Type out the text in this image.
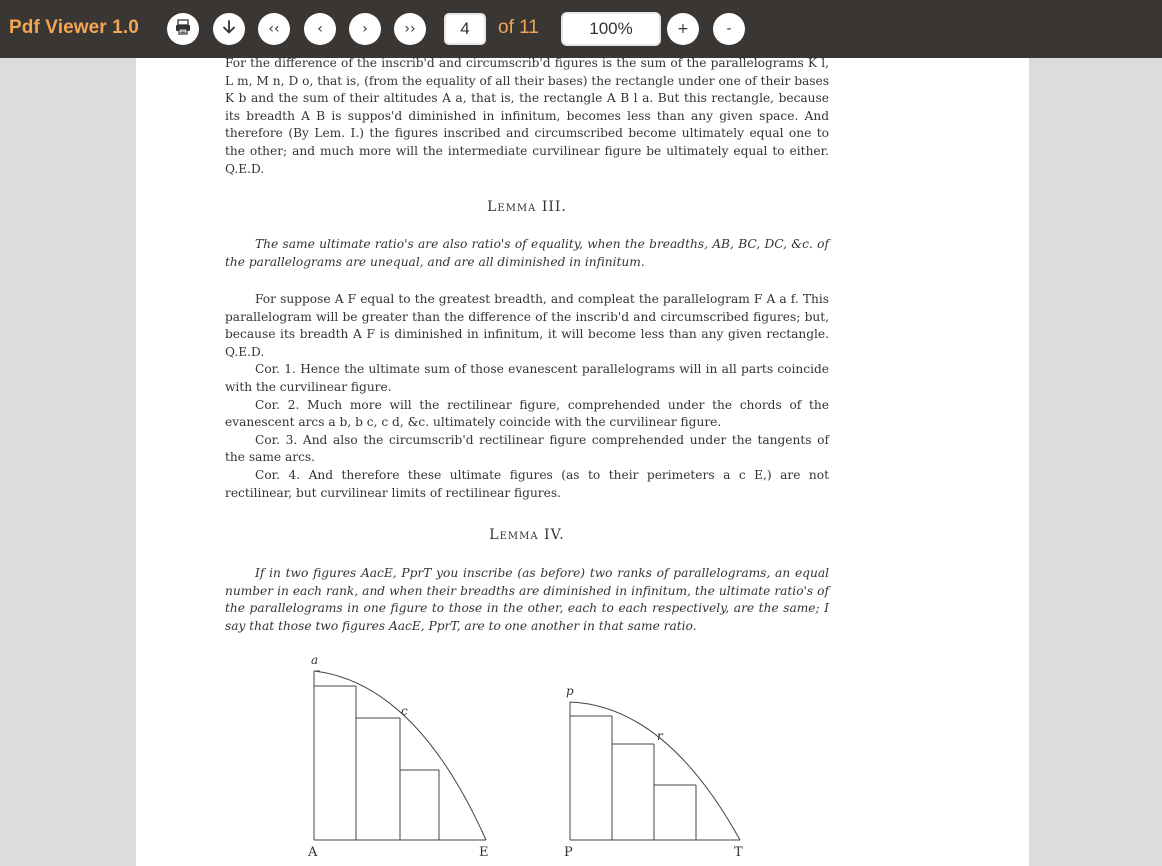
Pdf Viewer 1.0	‹‹	‹	›	››
4	of 11
100%	+	-

For the difference of the inscrib'd and circumscrib'd figures is the sum of the parallelograms K l, L m, M n, D o, that is, (from the equality of all their bases) the rectangle under one of their bases K b and the sum of their altitudes A a, that is, the rectangle A B l a. But this rectangle, because its breadth A B is suppos'd diminished in infinitum, becomes less than any given space. And therefore (By Lem. I.) the figures inscribed and circumscribed become ultimately equal one to the other; and much more will the intermediate curvilinear figure be ultimately equal to either. Q.E.D.

Lemma III.

The same ultimate ratio's are also ratio's of equality, when the breadths, AB, BC, DC, &c. of the parallelograms are unequal, and are all diminished in infinitum.

For suppose A F equal to the greatest breadth, and compleat the parallelogram F A a f. This parallelogram will be greater than the difference of the inscrib'd and circumscribed figures; but, because its breadth A F is diminished in infinitum, it will become less than any given rectangle. Q.E.D.

Cor. 1. Hence the ultimate sum of those evanescent parallelograms will in all parts coincide with the curvilinear figure.

Cor. 2. Much more will the rectilinear figure, comprehended under the chords of the evanescent arcs a b, b c, c d, &c. ultimately coincide with the curvilinear figure.

Cor. 3. And also the circumscrib'd rectilinear figure comprehended under the tangents of the same arcs.

Cor. 4. And therefore these ultimate figures (as to their perimeters a c E,) are not rectilinear, but curvilinear limits of rectilinear figures.

Lemma IV.

If in two figures AacE, PprT you inscribe (as before) two ranks of parallelograms, an equal number in each rank, and when their breadths are diminished in infinitum, the ultimate ratio's of the parallelograms in one figure to those in the other, each to each respectively, are the same; I say that those two figures AacE, PprT, are to one another in that same ratio.

a
c
A	E
p
r
P	T
